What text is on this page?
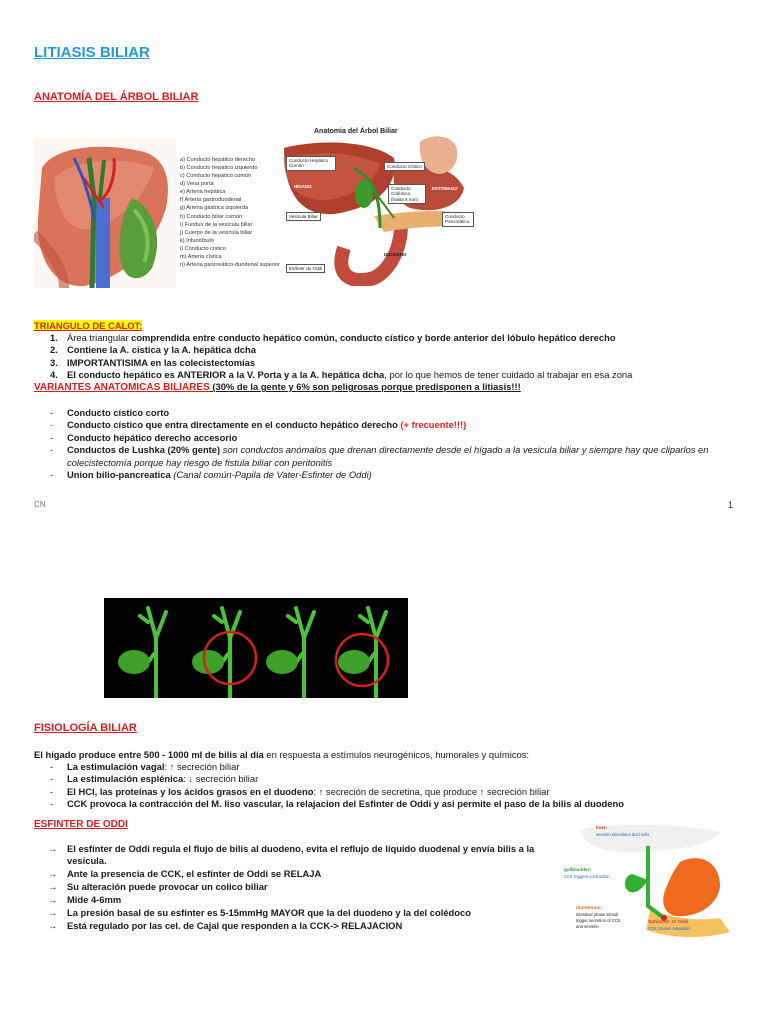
LITIASIS BILIAR
ANATOMÍA DEL ÁRBOL BILIAR
a) Conducto hepático derecho
b) Conducto hepático izquierdo
c) Conducto hepático común
d) Vena porta
e) Arteria hepática
f) Arteria gastroduodenal
g) Arteria gástrica izquierda
h) Conducto biliar común
i) Fundus de la vesícula biliar
j) Cuerpo de la vesícula biliar
k) Infundíbulo
l) Conducto cístico
m) Arteria cística
n) Arteria pancreático-duodenal superior
Anatomía del Árbol Biliar
Conducto Hepático Común	Conducto Cístico
HÍGADO	Conducto Colédoco (hasta 6 mm)
ESTÓMAGO
Vesícula Biliar	Conducto Pancreático
DUODENO
Esfínter de Oddi
TRIANGULO DE CALOT:
1. Área triangular comprendida entre conducto hepático común, conducto cístico y borde anterior del lóbulo hepático derecho
2. Contiene la A. cística y la A. hepática dcha
3. IMPORTANTISIMA en las colecistectomías
4. El conducto hepático es ANTERIOR a la V. Porta y a la A. hepática dcha, por lo que hemos de tener cuidado al trabajar en esa zona
VARIANTES ANATOMICAS BILIARES (30% de la gente y 6% son peligrosas porque predisponen a litiasis!!!
- Conducto cístico corto
- Conducto cístico que entra directamente en el conducto hepático derecho (+ frecuente!!!)
- Conducto hepático derecho accesorio
- Conductos de Lushka (20% gente) son conductos anómalos que drenan directamente desde el hígado a la vesicula biliar y siempre hay que cliparlos en colecistectomía porque hay riesgo de fistula biliar con peritonitis
- Union bilio-pancreatica (Canal común-Papila de Vater-Esfinter de Oddi)
CN	1
FISIOLOGÍA BILIAR
El hígado produce entre 500 - 1000 ml de bilis al día en respuesta a estímulos neurogénicos, humorales y químicos:
- La estimulación vagal: ↑ secreción biliar
- La estimulación esplénica: ↓ secreción biliar
- El HCl, las proteínas y los ácidos grasos en el duodeno: ↑ secreción de secretina, que produce ↑ secreción biliar
- CCK provoca la contracción del M. liso vascular, la relajacion del Esfinter de Oddi y asi permite el paso de la bilis al duodeno
ESFINTER DE ODDI
→ El esfínter de Oddi regula el flujo de bilis al duodeno, evita el reflujo de líquido duodenal y envía bilis a la vesícula.
→ Ante la presencia de CCK, el esfínter de Oddi se RELAJA
→ Su alteración puede provocar un colico biliar
→ Mide 4-6mm
→ La presión basal de su esfínter es 5-15mmHg MAYOR que la del duodeno y la del colédoco
→ Está regulado por las cel. de Cajal que responden a la CCK-> RELAJACION
liver:
secretin stimulates duct cells
gallbladder:
CCK triggers contraction
duodenum:
intestinal phase stimuli
trigger secretion of CCK
and secretin
Sphincter of Oddi
CCK causes relaxation
